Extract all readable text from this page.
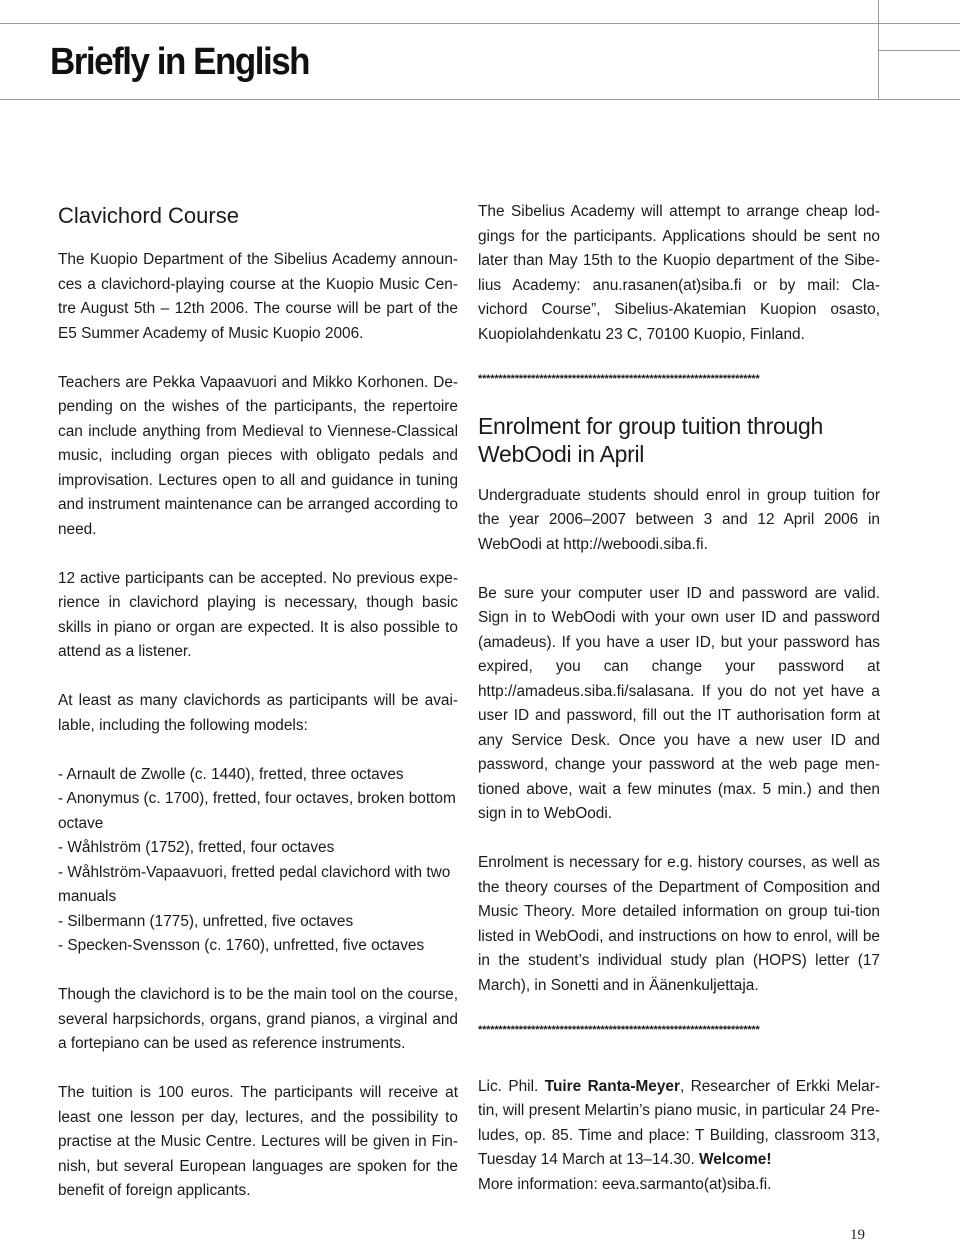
Briefly in English
Clavichord Course

The Kuopio Department of the Sibelius Academy announ-ces a clavichord-playing course at the Kuopio Music Cen-tre August 5th – 12th 2006. The course will be part of the E5 Summer Academy of Music Kuopio 2006.

Teachers are Pekka Vapaavuori and Mikko Korhonen. De-pending on the wishes of the participants, the repertoire can include anything from Medieval to Viennese-Classical music, including organ pieces with obligato pedals and improvisation. Lectures open to all and guidance in tuning and instrument maintenance can be arranged according to need.

12 active participants can be accepted. No previous expe-rience in clavichord playing is necessary, though basic skills in piano or organ are expected. It is also possible to attend as a listener.

At least as many clavichords as participants will be avai-lable, including the following models:

- Arnault de Zwolle (c. 1440), fretted, three octaves

- Anonymus (c. 1700), fretted, four octaves, broken bottom octave

- Wåhlström (1752), fretted, four octaves

- Wåhlström-Vapaavuori, fretted pedal clavichord with two manuals

- Silbermann (1775), unfretted, five octaves

- Specken-Svensson (c. 1760), unfretted, five octaves

Though the clavichord is to be the main tool on the course, several harpsichords, organs, grand pianos, a virginal and a fortepiano can be used as reference instruments.

The tuition is 100 euros. The participants will receive at least one lesson per day, lectures, and the possibility to practise at the Music Centre. Lectures will be given in Fin-nish, but several European languages are spoken for the benefit of foreign applicants.

The Sibelius Academy will attempt to arrange cheap lod-gings for the participants. Applications should be sent no later than May 15th to the Kuopio department of the Sibe-lius Academy: anu.rasanen(at)siba.fi or by mail: Cla-vichord Course”, Sibelius-Akatemian Kuopion osasto, Kuopiolahdenkatu 23 C, 70100 Kuopio, Finland.

*********************************************************************

Enrolment for group tuition through WebOodi in April

Undergraduate students should enrol in group tuition for the year 2006–2007 between 3 and 12 April 2006 in WebOodi at http://weboodi.siba.fi.

Be sure your computer user ID and password are valid. Sign in to WebOodi with your own user ID and password (amadeus). If you have a user ID, but your password has expired, you can change your password at http://amadeus.siba.fi/salasana. If you do not yet have a user ID and password, fill out the IT authorisation form at any Service Desk. Once you have a new user ID and password, change your password at the web page men-tioned above, wait a few minutes (max. 5 min.) and then sign in to WebOodi.

Enrolment is necessary for e.g. history courses, as well as the theory courses of the Department of Composition and Music Theory. More detailed information on group tui-tion listed in WebOodi, and instructions on how to enrol, will be in the student’s individual study plan (HOPS) letter (17 March), in Sonetti and in Äänenkuljettaja.

*********************************************************************

Lic. Phil. Tuire Ranta-Meyer, Researcher of Erkki Melar-tin, will present Melartin’s piano music, in particular 24 Pre-ludes, op. 85. Time and place: T Building, classroom 313, Tuesday 14 March at 13–14.30. Welcome!

More information: eeva.sarmanto(at)siba.fi.

19
